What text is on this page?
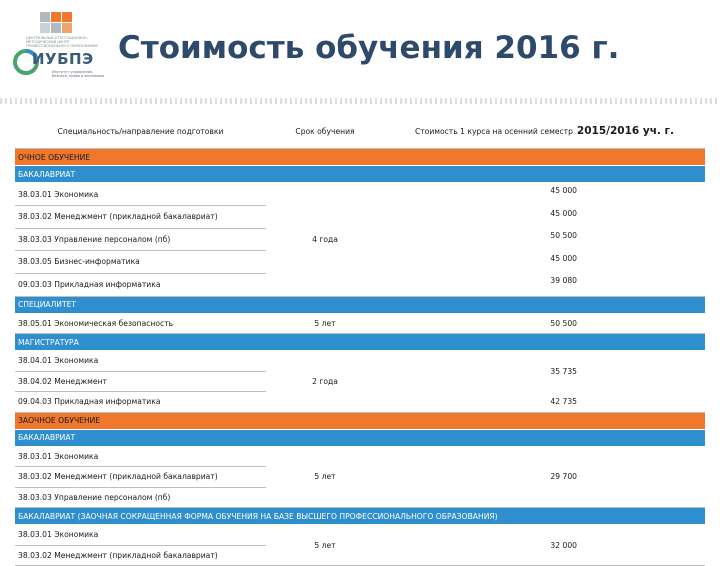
ЦЕНТРАЛЬНЫЙ АТТЕСТАЦИОННО-МЕТОДИЧЕСКИЙ ЦЕНТР ПРОФЕССИОНАЛЬНОГО ОБРАЗОВАНИЯ
ИУБПЭ
Институт управления, бизнеса, права и экономики
Стоимость обучения 2016 г.
Специальность/направление подготовки	Срок обучения	Стоимость 1 курса на осенний семестр 2015/2016 уч. г.
ОЧНОЕ ОБУЧЕНИЕ		
БАКАЛАВРИАТ		
38.03.01 Экономика	4 года	45 000
38.03.02 Менеджмент (прикладной бакалавриат)		45 000
38.03.03 Управление персоналом (пб)		50 500
38.03.05 Бизнес-информатика		45 000
09.03.03 Прикладная информатика		39 080
СПЕЦИАЛИТЕТ		
38.05.01 Экономическая безопасность	5 лет	50 500
МАГИСТРАТУРА		
38.04.01 Экономика	2 года	35 735
38.04.02 Менеджмент		
09.04.03 Прикладная информатика		42 735
ЗАОЧНОЕ ОБУЧЕНИЕ		
БАКАЛАВРИАТ		
38.03.01 Экономика	5 лет	29 700
38.03.02 Менеджмент (прикладной бакалавриат)		
38.03.03 Управление персоналом (пб)		
БАКАЛАВРИАТ (ЗАОЧНАЯ СОКРАЩЕННАЯ ФОРМА ОБУЧЕНИЯ НА БАЗЕ ВЫСШЕГО ПРОФЕССИОНАЛЬНОГО ОБРАЗОВАНИЯ)		
38.03.01 Экономика	5 лет	32 000
38.03.02 Менеджмент (прикладной бакалавриат)		
